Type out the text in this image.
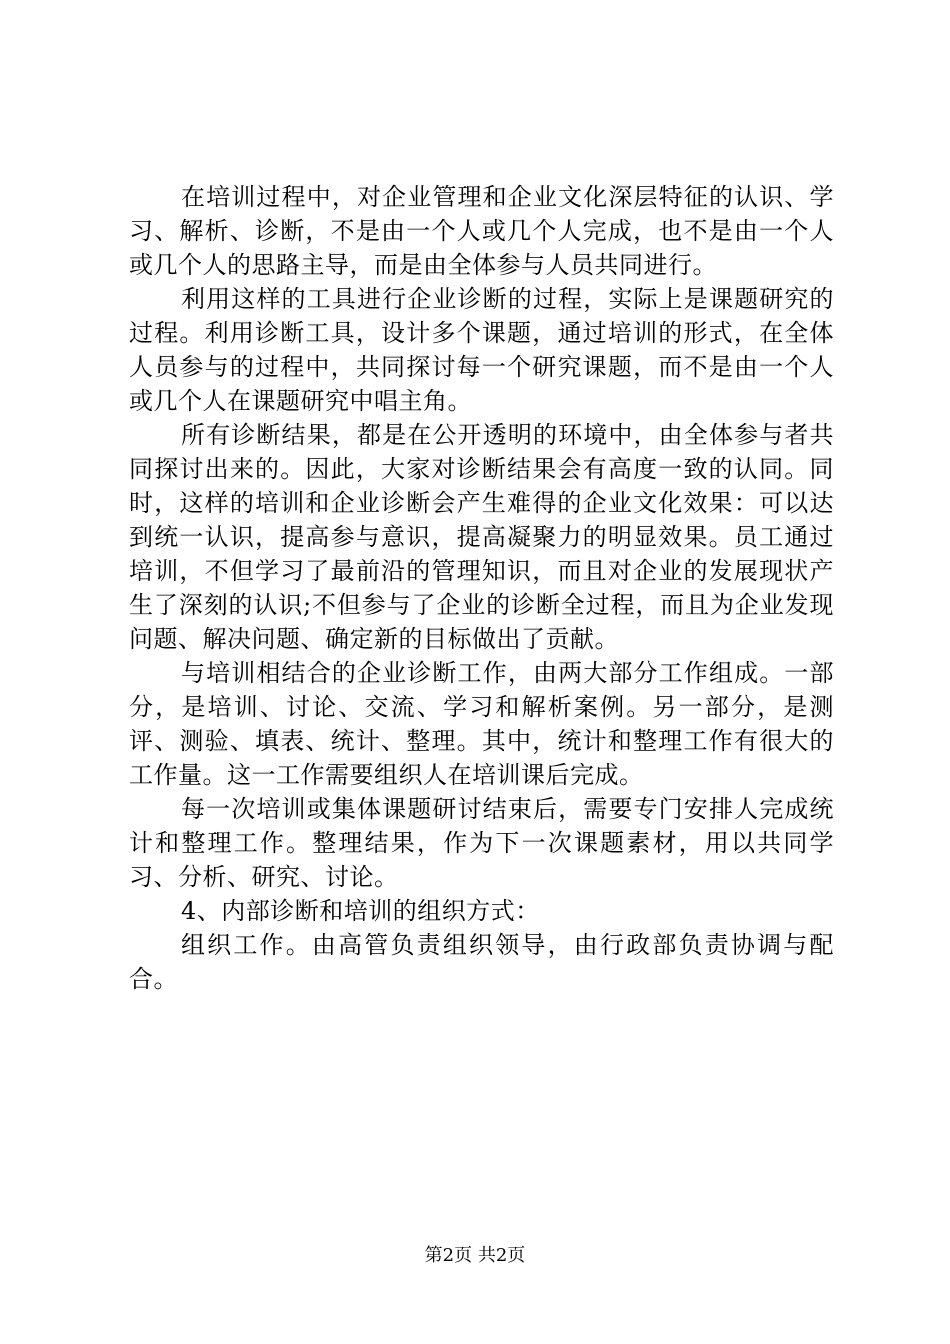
在培训过程中，对企业管理和企业文化深层特征的认识、学习、解析、诊断，不是由一个人或几个人完成，也不是由一个人或几个人的思路主导，而是由全体参与人员共同进行。

利用这样的工具进行企业诊断的过程，实际上是课题研究的过程。利用诊断工具，设计多个课题，通过培训的形式，在全体人员参与的过程中，共同探讨每一个研究课题，而不是由一个人或几个人在课题研究中唱主角。

所有诊断结果，都是在公开透明的环境中，由全体参与者共同探讨出来的。因此，大家对诊断结果会有高度一致的认同。同时，这样的培训和企业诊断会产生难得的企业文化效果：可以达到统一认识，提高参与意识，提高凝聚力的明显效果。员工通过培训，不但学习了最前沿的管理知识，而且对企业的发展现状产生了深刻的认识;不但参与了企业的诊断全过程，而且为企业发现问题、解决问题、确定新的目标做出了贡献。

与培训相结合的企业诊断工作，由两大部分工作组成。一部分，是培训、讨论、交流、学习和解析案例。另一部分，是测评、测验、填表、统计、整理。其中，统计和整理工作有很大的工作量。这一工作需要组织人在培训课后完成。

每一次培训或集体课题研讨结束后，需要专门安排人完成统计和整理工作。整理结果，作为下一次课题素材，用以共同学习、分析、研究、讨论。

4、内部诊断和培训的组织方式：

组织工作。由高管负责组织领导，由行政部负责协调与配合。

第2页 共2页
